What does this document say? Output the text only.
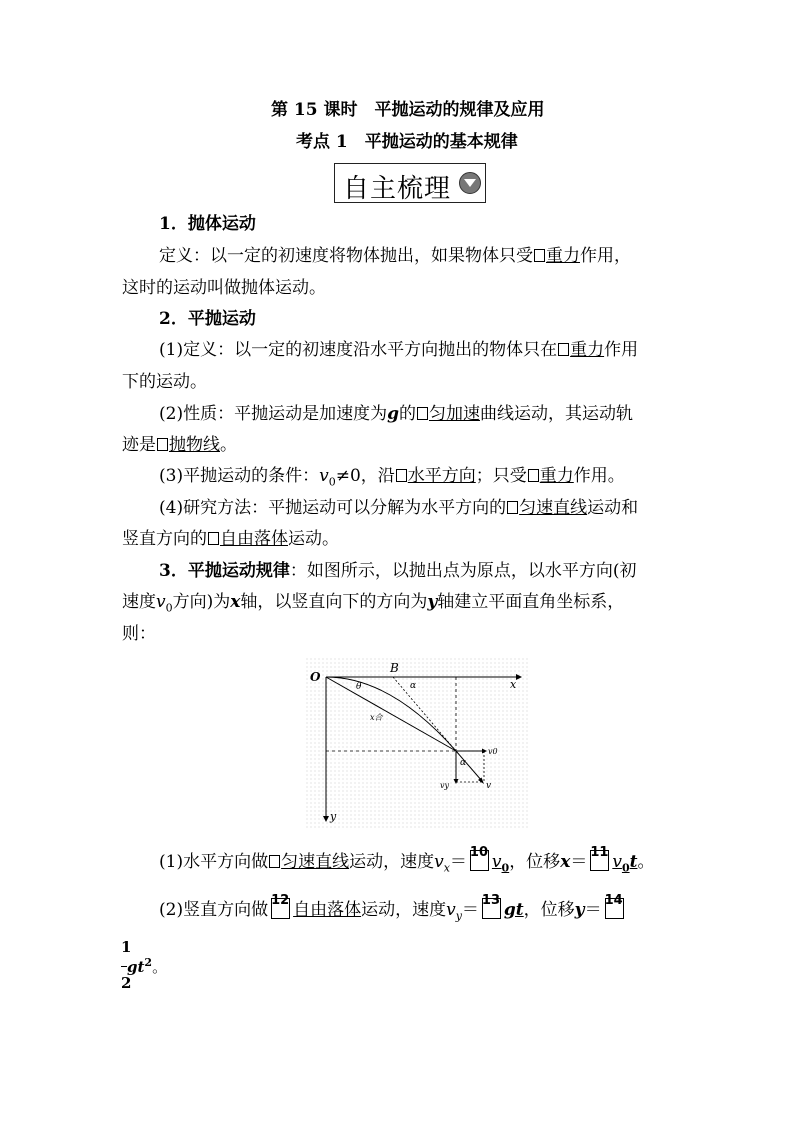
第 15 课时　平抛运动的规律及应用
考点 1　平抛运动的基本规律
自主梳理
1．抛体运动
定义：以一定的初速度将物体抛出，如果物体只受 重力作用，
这时的运动叫做抛体运动。
2．平抛运动
(1)定义：以一定的初速度沿水平方向抛出的物体只在 重力作用
下的运动。
(2)性质：平抛运动是加速度为g的 匀加速曲线运动，其运动轨
迹是 抛物线。
(3)平抛运动的条件：$v_0\ne 0$，沿 水平方向；只受 重力作用。
(4)研究方法：平抛运动可以分解为水平方向的 匀速直线运动和
竖直方向的 自由落体运动。
3．平抛运动规律：如图所示，以抛出点为原点，以水平方向(初
速度$v_0$方向)为x轴，以竖直向下的方向为y轴建立平面直角坐标系，
则：
O
B
x
y
θ	α
α
x合
v0
vy	v
(1)水平方向做 匀速直线运动，速度$v_x= 10$ $v_0$，位移x＝ 11 $v_0t$。
(2)竖直方向做 12 自由落体运动，速度$v_y= 13$ gt，位移y＝ 14
1
$gt^2$。
2
